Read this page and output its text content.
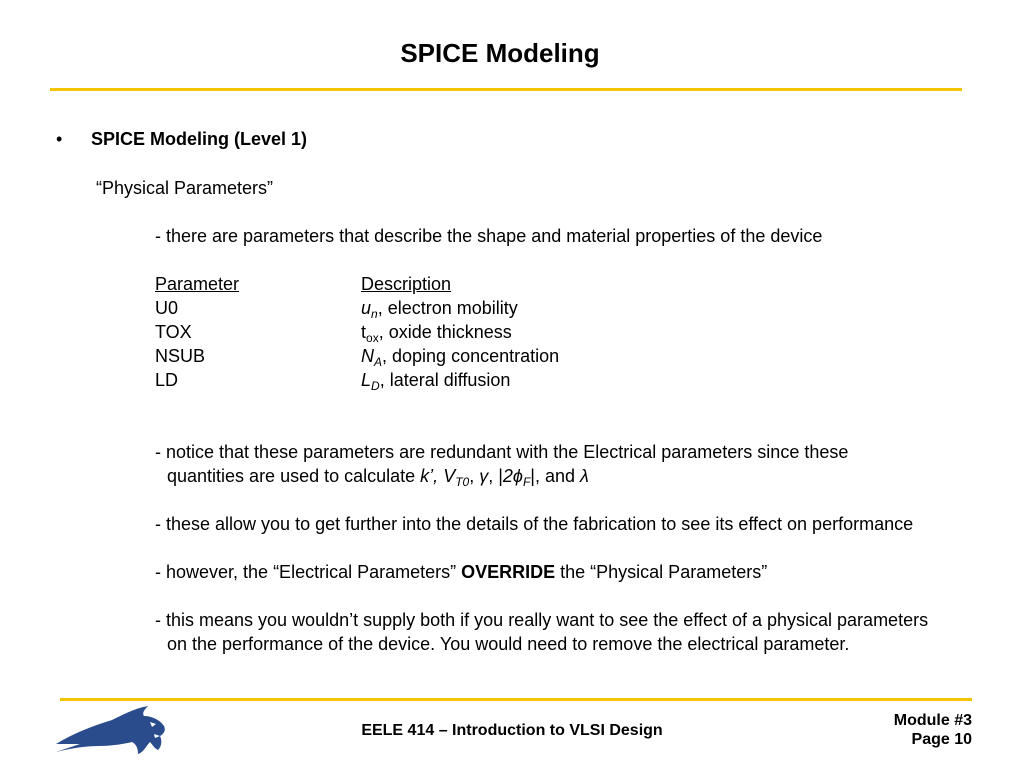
SPICE Modeling
• SPICE Modeling (Level 1)
“Physical Parameters”
- there are parameters that describe the shape and material properties of the device
Parameter	Description
U0	$u_n$, electron mobility
TOX	$t_{ox}$, oxide thickness
NSUB	$N_A$, doping concentration
LD	$L_D$, lateral diffusion
- notice that these parameters are redundant with the Electrical parameters since these
quantities are used to calculate k’, $V_{T0}$, γ, $|2\phi_F|$, and λ
- these allow you to get further into the details of the fabrication to see its effect on performance
- however, the “Electrical Parameters” OVERRIDE the “Physical Parameters”
- this means you wouldn’t supply both if you really want to see the effect of a physical parameters
on the performance of the device. You would need to remove the electrical parameter.
EELE 414 – Introduction to VLSI Design
Module #3
Page 10
